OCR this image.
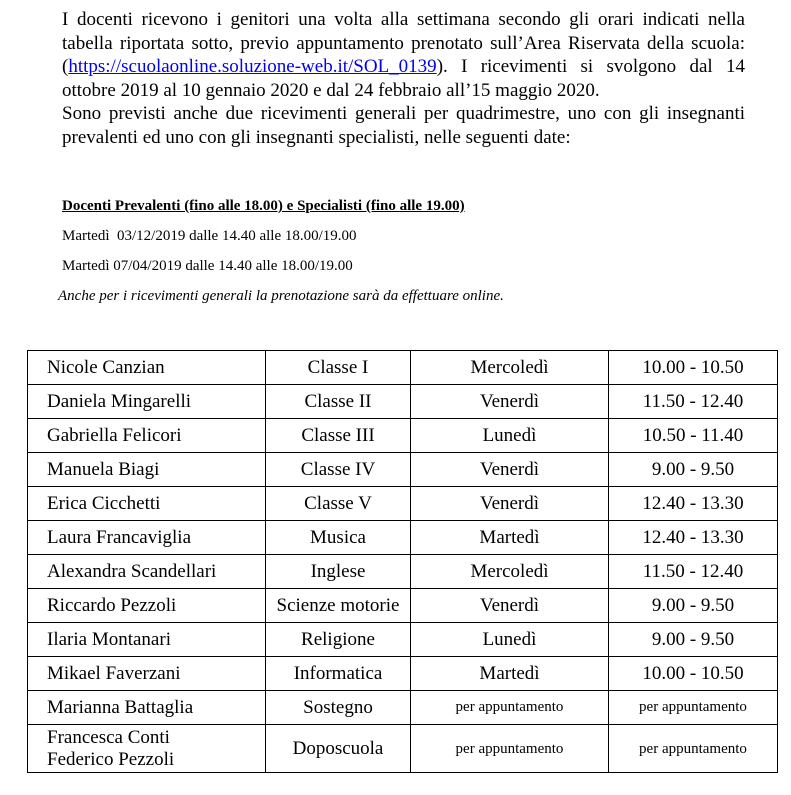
I docenti ricevono i genitori una volta alla settimana secondo gli orari indicati nella tabella riportata sotto, previo appuntamento prenotato sull’Area Riservata della scuola: (https://scuolaonline.soluzione-web.it/SOL_0139). I ricevimenti si svolgono dal 14 ottobre 2019 al 10 gennaio 2020 e dal 24 febbraio all’15 maggio 2020.

Sono previsti anche due ricevimenti generali per quadrimestre, uno con gli insegnanti prevalenti ed uno con gli insegnanti specialisti, nelle seguenti date:

Docenti Prevalenti (fino alle 18.00) e Specialisti (fino alle 19.00)

Martedì  03/12/2019 dalle 14.40 alle 18.00/19.00

Martedì 07/04/2019 dalle 14.40 alle 18.00/19.00

Anche per i ricevimenti generali la prenotazione sarà da effettuare online.

Nicole Canzian	Classe I	Mercoledì	10.00 - 10.50
Daniela Mingarelli	Classe II	Venerdì	11.50 - 12.40
Gabriella Felicori	Classe III	Lunedì	10.50 - 11.40
Manuela Biagi	Classe IV	Venerdì	9.00 - 9.50
Erica Cicchetti	Classe V	Venerdì	12.40 - 13.30
Laura Francaviglia	Musica	Martedì	12.40 - 13.30
Alexandra Scandellari	Inglese	Mercoledì	11.50 - 12.40
Riccardo Pezzoli	Scienze motorie	Venerdì	9.00 - 9.50
Ilaria Montanari	Religione	Lunedì	9.00 - 9.50
Mikael Faverzani	Informatica	Martedì	10.00 - 10.50
Marianna Battaglia	Sostegno	per appuntamento	per appuntamento

Francesca Conti
Federico Pezzoli	Doposcuola	per appuntamento	per appuntamento
